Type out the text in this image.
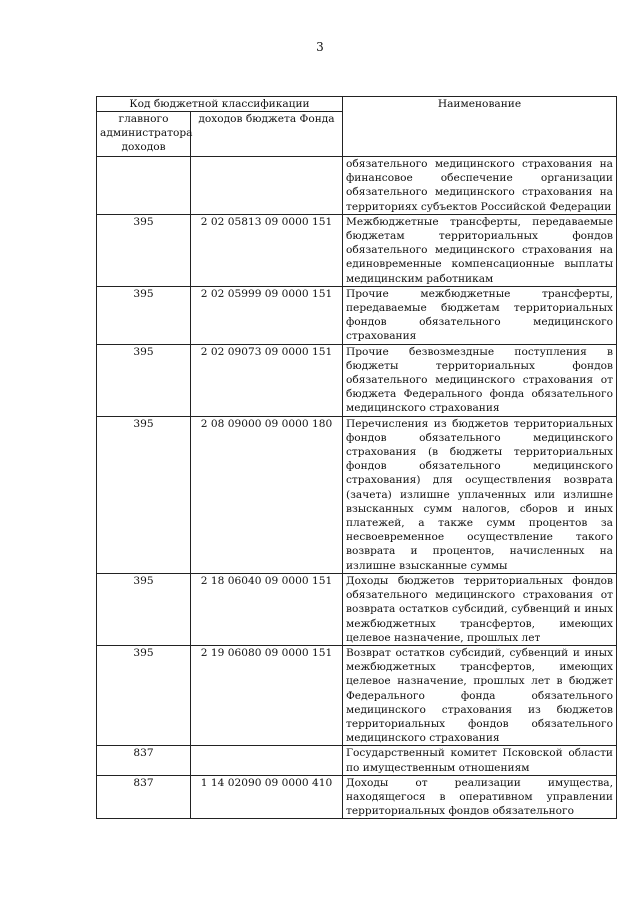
3
Код бюджетной классификации		Наименование
главного администратора доходов	доходов бюджета Фонда	
		обязательного медицинского страхования на финансовое обеспечение организации обязательного медицинского страхования на территориях субъектов Российской Федерации
395	2 02 05813 09 0000 151	Межбюджетные трансферты, передаваемые бюджетам территориальных фондов обязательного медицинского страхования на единовременные компенсационные выплаты медицинским работникам
395	2 02 05999 09 0000 151	Прочие межбюджетные трансферты, передаваемые бюджетам территориальных фондов обязательного медицинского страхования
395	2 02 09073 09 0000 151	Прочие безвозмездные поступления в бюджеты территориальных фондов обязательного медицинского страхования от бюджета Федерального фонда обязательного медицинского страхования
395	2 08 09000 09 0000 180	Перечисления из бюджетов территориальных фондов обязательного медицинского страхования (в бюджеты территориальных фондов обязательного медицинского страхования) для осуществления возврата (зачета) излишне уплаченных или излишне взысканных сумм налогов, сборов и иных платежей, а также сумм процентов за несвоевременное осуществление такого возврата и процентов, начисленных на излишне взысканные суммы
395	2 18 06040 09 0000 151	Доходы бюджетов территориальных фондов обязательного медицинского страхования от возврата остатков субсидий, субвенций и иных межбюджетных трансфертов, имеющих целевое назначение, прошлых лет
395	2 19 06080 09 0000 151	Возврат остатков субсидий, субвенций и иных межбюджетных трансфертов, имеющих целевое назначение, прошлых лет в бюджет Федерального фонда обязательного медицинского страхования из бюджетов территориальных фондов обязательного медицинского страхования
837		Государственный комитет Псковской области по имущественным отношениям
837	1 14 02090 09 0000 410	Доходы от реализации имущества, находящегося в оперативном управлении территориальных фондов обязательного
